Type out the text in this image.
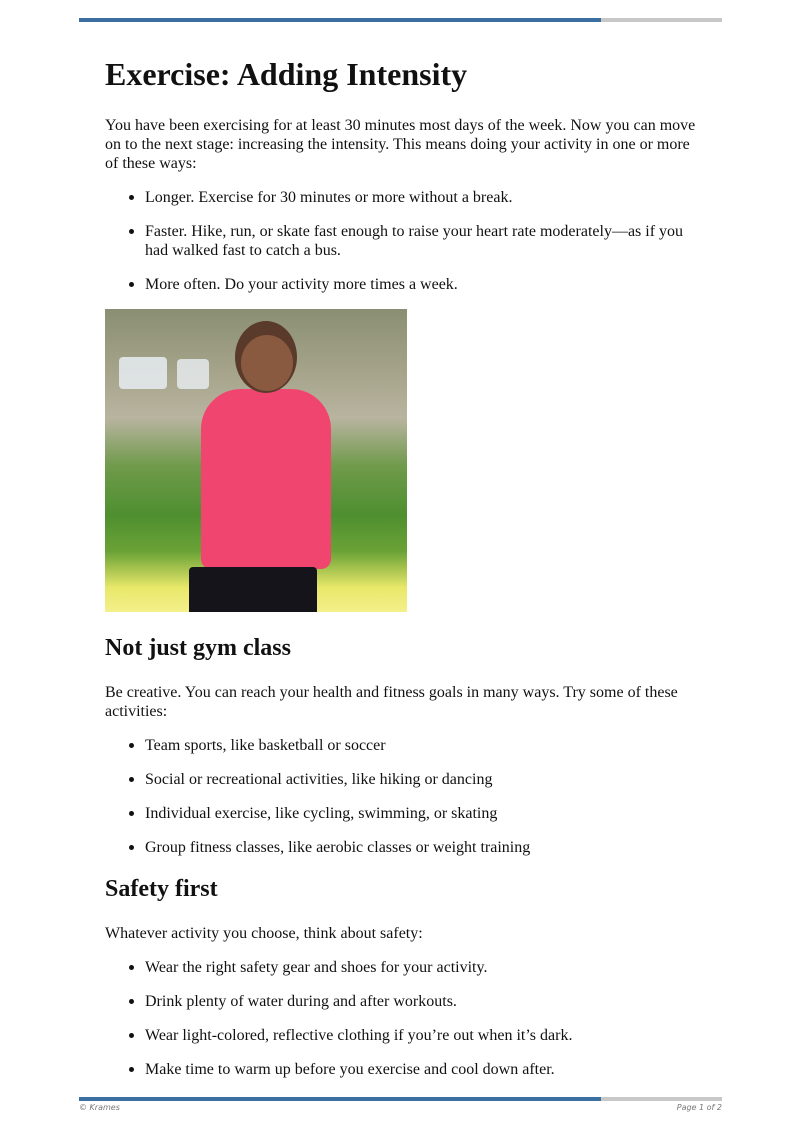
Exercise: Adding Intensity

You have been exercising for at least 30 minutes most days of the week. Now you can move on to the next stage: increasing the intensity. This means doing your activity in one or more of these ways:

Longer. Exercise for 30 minutes or more without a break.
Faster. Hike, run, or skate fast enough to raise your heart rate moderately—as if you had walked fast to catch a bus.
More often. Do your activity more times a week.
Not just gym class

Be creative. You can reach your health and fitness goals in many ways. Try some of these activities:

Team sports, like basketball or soccer
Social or recreational activities, like hiking or dancing
Individual exercise, like cycling, swimming, or skating
Group fitness classes, like aerobic classes or weight training
Safety first

Whatever activity you choose, think about safety:

Wear the right safety gear and shoes for your activity.
Drink plenty of water during and after workouts.
Wear light-colored, reflective clothing if you’re out when it’s dark.
Make time to warm up before you exercise and cool down after.
© Krames	Page 1 of 2
